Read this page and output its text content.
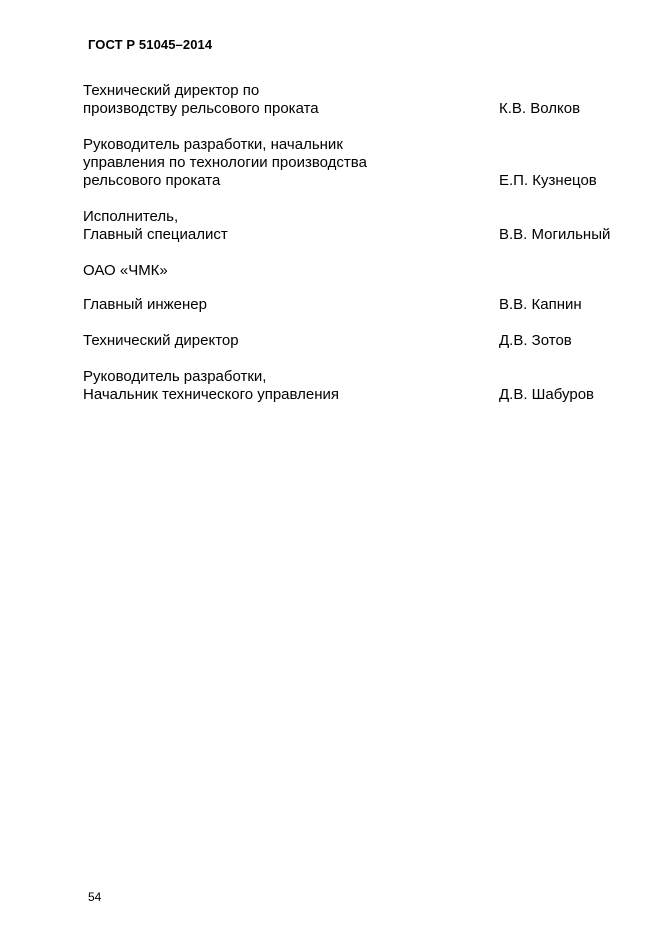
ГОСТ Р 51045–2014
Технический директор по
производству рельсового проката	К.В. Волков
Руководитель разработки, начальник
управления по технологии производства
рельсового проката	Е.П. Кузнецов
Исполнитель,
Главный специалист	В.В. Могильный
ОАО «ЧМК»
Главный инженер	В.В. Капнин
Технический директор	Д.В. Зотов
Руководитель разработки,
Начальник технического управления	Д.В. Шабуров
54
